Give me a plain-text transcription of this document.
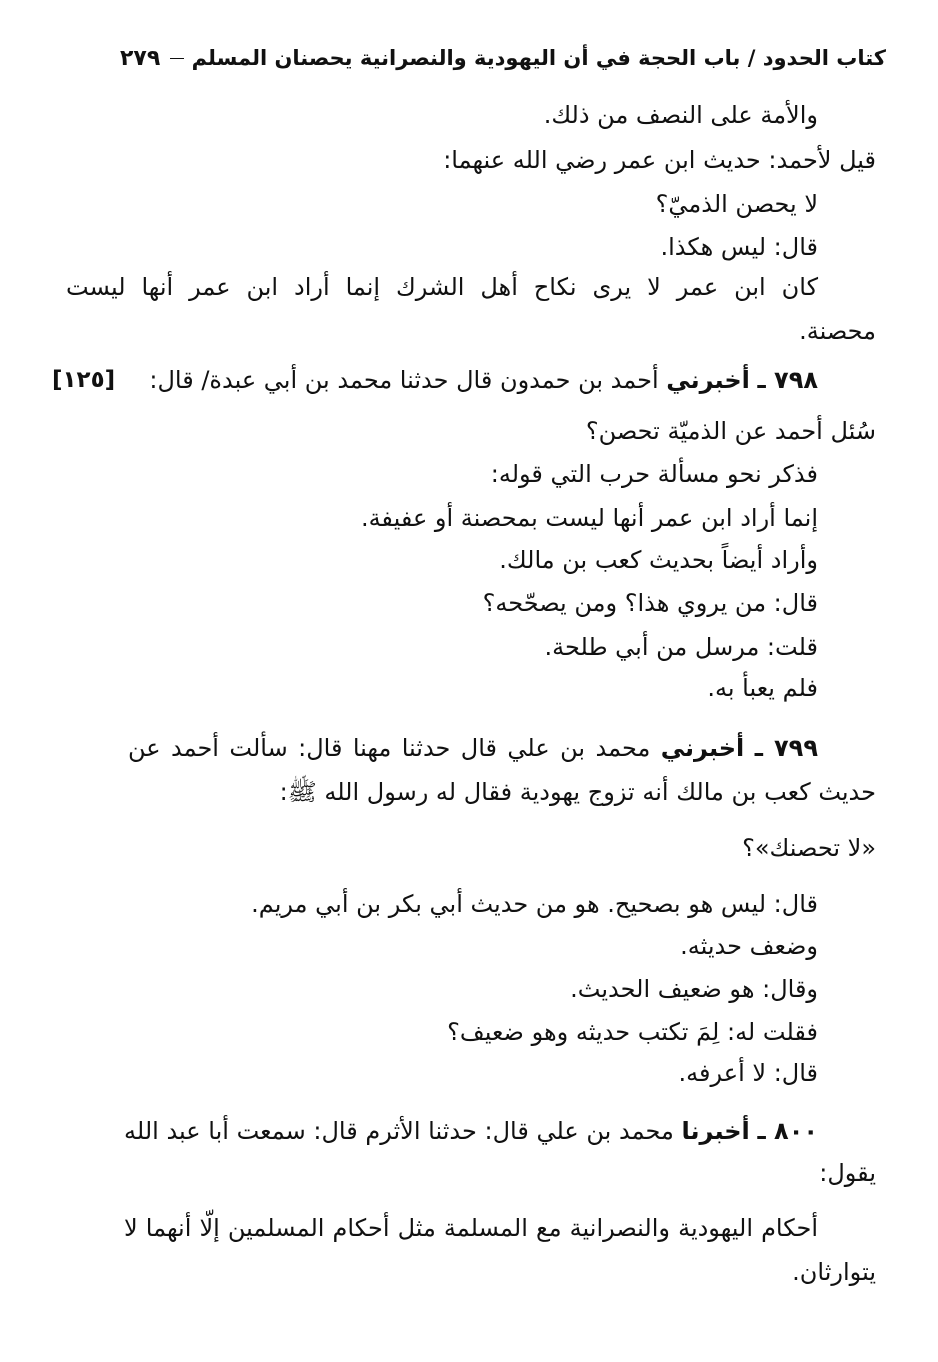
كتاب الحدود / باب الحجة في أن اليهودية والنصرانية يحصنان المسلم
٢٧٩
والأمة على النصف من ذلك.
قيل لأحمد: حديث ابن عمر رضي الله عنهما:
لا يحصن الذميّ؟
قال: ليس هكذا.
كان ابن عمر لا يرى نكاح أهل الشرك إنما أراد ابن عمر أنها ليست
محصنة.
٧٩٨ ـ أخبرني أحمد بن حمدون قال حدثنا محمد بن أبي عبدة/ قال:
[١٢٥]
سُئل أحمد عن الذميّة تحصن؟
فذكر نحو مسألة حرب التي قوله:
إنما أراد ابن عمر أنها ليست بمحصنة أو عفيفة.
وأراد أيضاً بحديث كعب بن مالك.
قال: من يروي هذا؟ ومن يصحّحه؟
قلت: مرسل من أبي طلحة.
فلم يعبأ به.
٧٩٩ ـ أخبرني محمد بن علي قال حدثنا مهنا قال: سألت أحمد عن
حديث كعب بن مالك أنه تزوج يهودية فقال له رسول الله ﷺ:
«لا تحصنك»؟
قال: ليس هو بصحيح. هو من حديث أبي بكر بن أبي مريم.
وضعف حديثه.
وقال: هو ضعيف الحديث.
فقلت له: لِمَ تكتب حديثه وهو ضعيف؟
قال: لا أعرفه.
٨٠٠ ـ أخبرنا محمد بن علي قال: حدثنا الأثرم قال: سمعت أبا عبد الله
يقول:
أحكام اليهودية والنصرانية مع المسلمة مثل أحكام المسلمين إلّا أنهما لا
يتوارثان.
